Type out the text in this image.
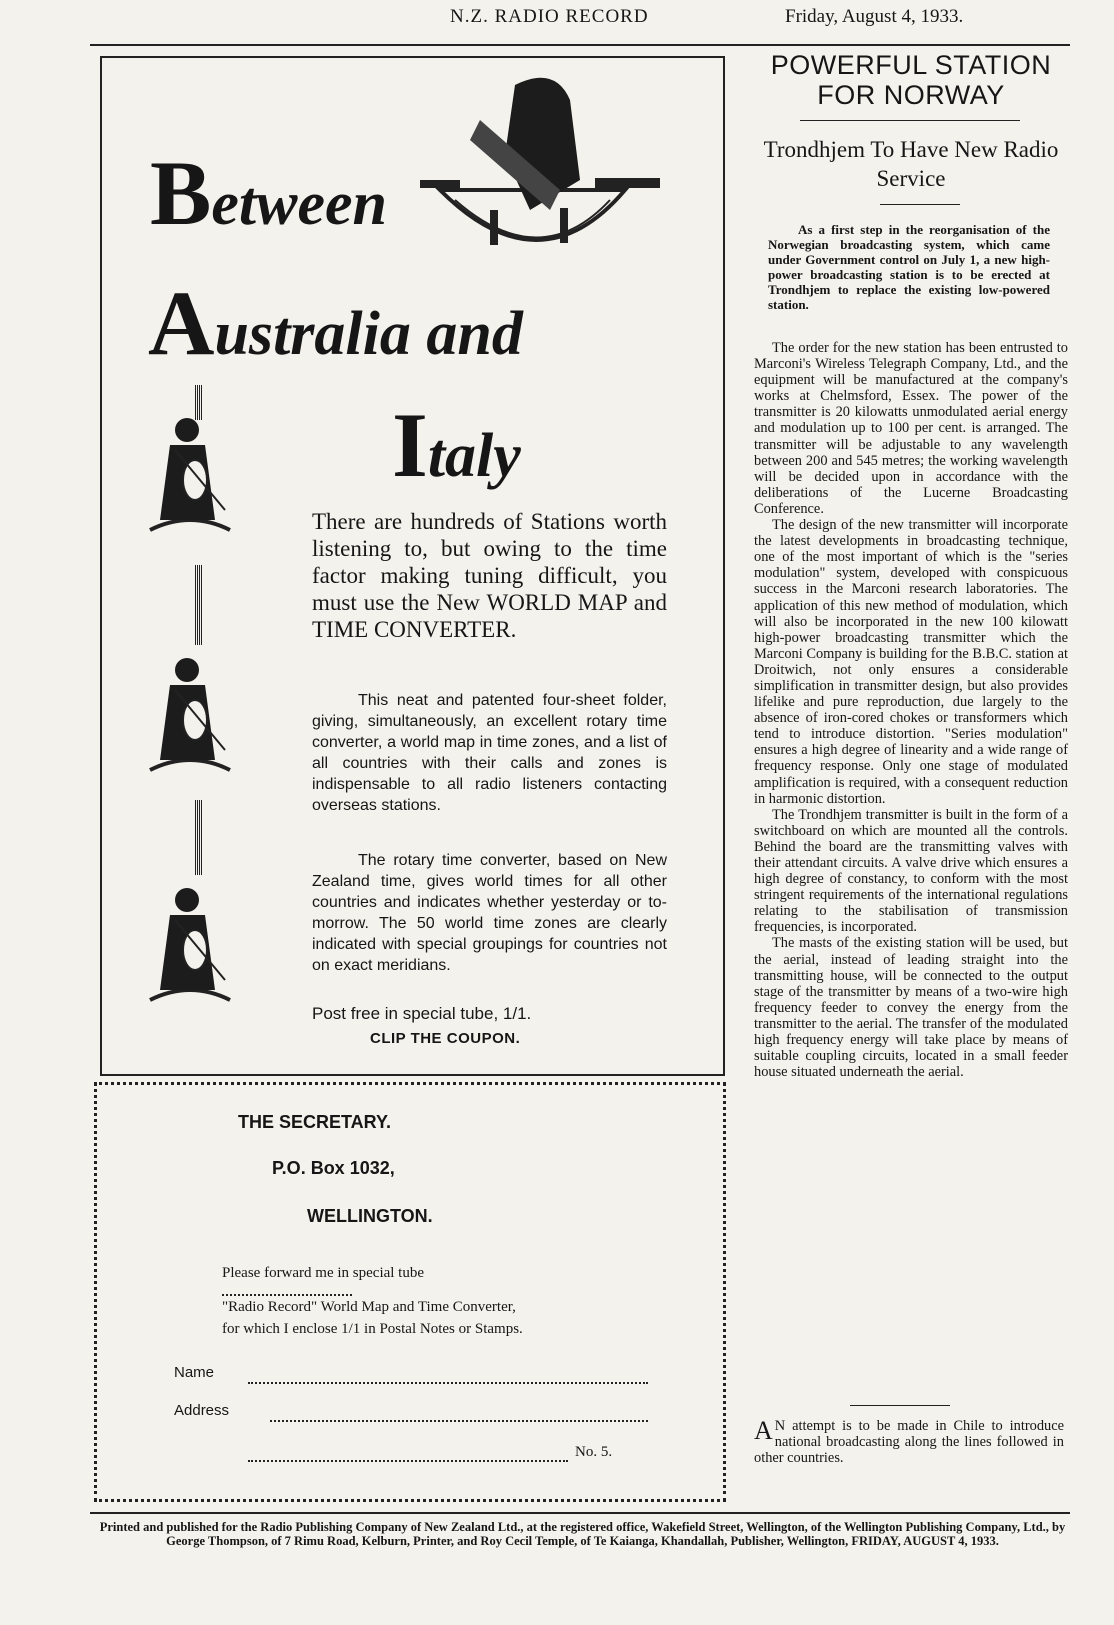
N.Z. RADIO RECORD	Friday, August 4, 1933.
Between
Australia and
Italy
There are hundreds of Stations worth listening to, but owing to the time factor making tuning difficult, you must use the New WORLD MAP and TIME CONVERTER.
This neat and patented four-sheet folder, giving, simultaneously, an excellent rotary time converter, a world map in time zones, and a list of all countries with their calls and zones is indispensable to all radio listeners contacting overseas stations.
The rotary time converter, based on New Zealand time, gives world times for all other countries and indicates whether yesterday or to-morrow. The 50 world time zones are clearly indicated with special groupings for countries not on exact meridians.
Post free in special tube, 1/1.
CLIP THE COUPON.
THE SECRETARY.
P.O. Box 1032,
WELLINGTON.
Please forward me in special tube
"Radio Record" World Map and Time Converter,
for which I enclose 1/1 in Postal Notes or Stamps.
Name
Address
No. 5.
POWERFUL STATION FOR NORWAY
Trondhjem To Have New Radio Service
As a first step in the reorganisation of the Norwegian broadcasting system, which came under Government control on July 1, a new high-power broadcasting station is to be erected at Trondhjem to replace the existing low-powered station.

The order for the new station has been entrusted to Marconi's Wireless Telegraph Company, Ltd., and the equipment will be manufactured at the company's works at Chelmsford, Essex. The power of the transmitter is 20 kilowatts unmodulated aerial energy and modulation up to 100 per cent. is arranged. The transmitter will be adjustable to any wavelength between 200 and 545 metres; the working wavelength will be decided upon in accordance with the deliberations of the Lucerne Broadcasting Conference.

The design of the new transmitter will incorporate the latest developments in broadcasting technique, one of the most important of which is the "series modulation" system, developed with conspicuous success in the Marconi research laboratories. The application of this new method of modulation, which will also be incorporated in the new 100 kilowatt high-power broadcasting transmitter which the Marconi Company is building for the B.B.C. station at Droitwich, not only ensures a considerable simplification in transmitter design, but also provides lifelike and pure reproduction, due largely to the absence of iron-cored chokes or transformers which tend to introduce distortion. "Series modulation" ensures a high degree of linearity and a wide range of frequency response. Only one stage of modulated amplification is required, with a consequent reduction in harmonic distortion.

The Trondhjem transmitter is built in the form of a switchboard on which are mounted all the controls. Behind the board are the transmitting valves with their attendant circuits. A valve drive which ensures a high degree of constancy, to conform with the most stringent requirements of the international regulations relating to the stabilisation of transmission frequencies, is incorporated.

The masts of the existing station will be used, but the aerial, instead of leading straight into the transmitting house, will be connected to the output stage of the transmitter by means of a two-wire high frequency feeder to convey the energy from the transmitter to the aerial. The transfer of the modulated high frequency energy will take place by means of suitable coupling circuits, located in a small feeder house situated underneath the aerial.

A N attempt is to be made in Chile to introduce national broadcasting along the lines followed in other countries.
Printed and published for the Radio Publishing Company of New Zealand Ltd., at the registered office, Wakefield Street, Wellington, of the Wellington Publishing Company, Ltd., by George Thompson, of 7 Rimu Road, Kelburn, Printer, and Roy Cecil Temple, of Te Kaianga, Khandallah, Publisher, Wellington, FRIDAY, AUGUST 4, 1933.
